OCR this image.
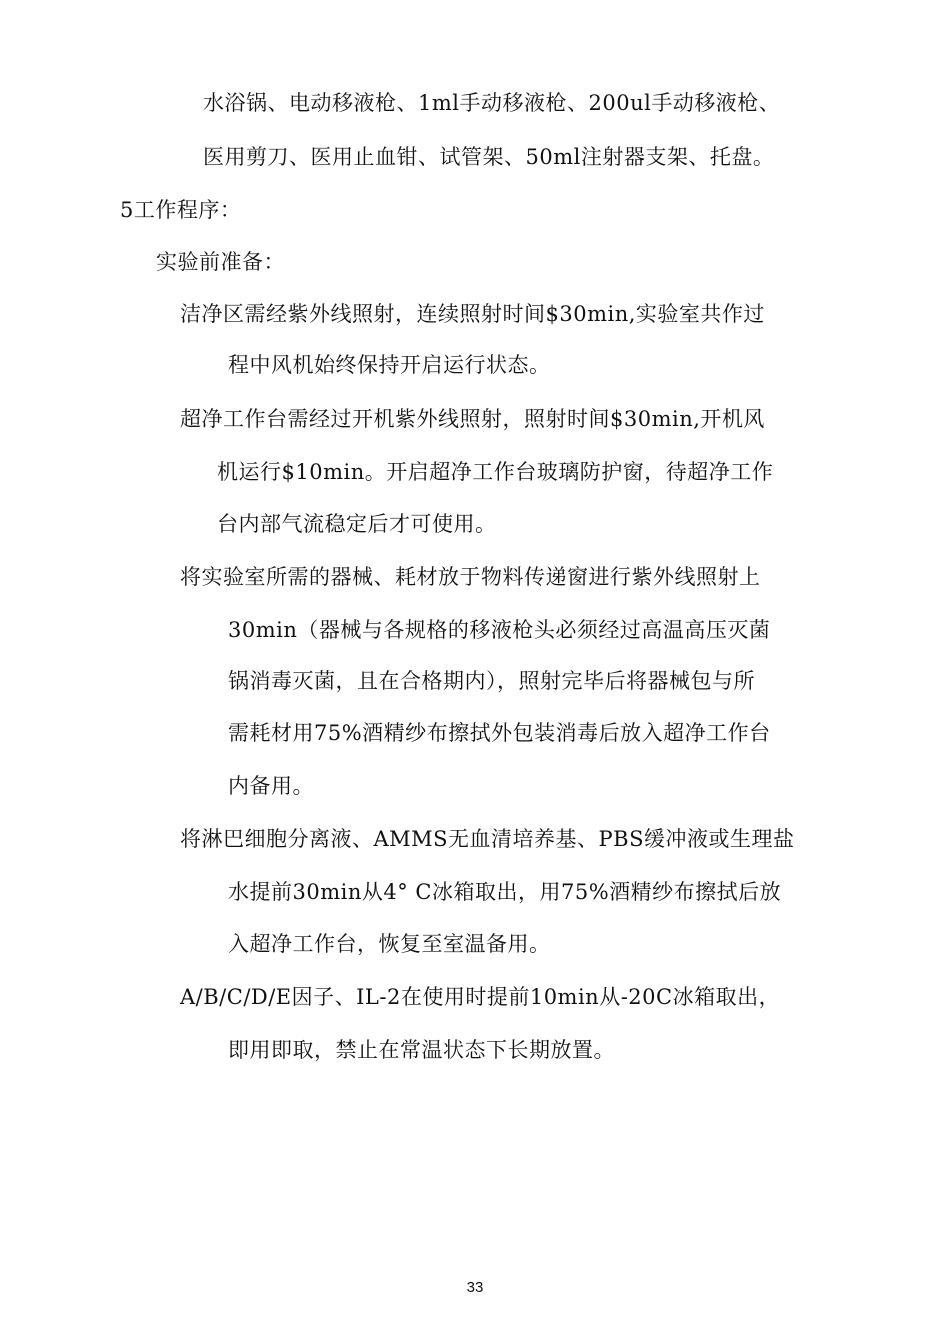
水浴锅、电动移液枪、1ml手动移液枪、200ul手动移液枪、
医用剪刀、医用止血钳、试管架、50ml注射器支架、托盘。
5工作程序：
实验前准备：
洁净区需经紫外线照射，连续照射时间$30min,实验室共作过
程中风机始终保持开启运行状态。
超净工作台需经过开机紫外线照射，照射时间$30min,开机风
机运行$10min。开启超净工作台玻璃防护窗，待超净工作
台内部气流稳定后才可使用。
将实验室所需的器械、耗材放于物料传递窗进行紫外线照射上
30min（器械与各规格的移液枪头必须经过高温高压灭菌
锅消毒灭菌，且在合格期内），照射完毕后将器械包与所
需耗材用75%酒精纱布擦拭外包装消毒后放入超净工作台
内备用。
将淋巴细胞分离液、AMMS无血清培养基、PBS缓冲液或生理盐
水提前30min从4° C冰箱取出，用75%酒精纱布擦拭后放
入超净工作台，恢复至室温备用。
A/B/C/D/E因子、IL-2在使用时提前10min从-20C冰箱取出，
即用即取，禁止在常温状态下长期放置。
33
